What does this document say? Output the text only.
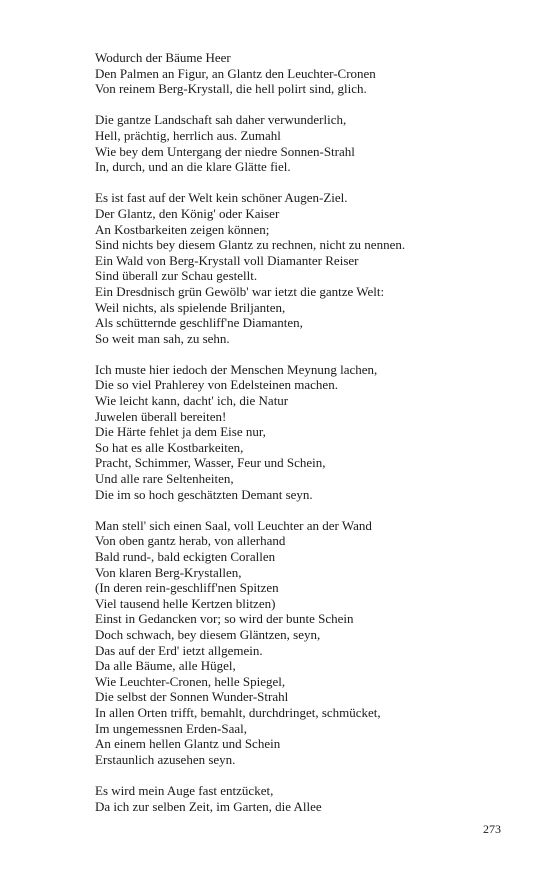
Wodurch der Bäume Heer
Den Palmen an Figur, an Glantz den Leuchter-Cronen
Von reinem Berg-Krystall, die hell polirt sind, glich.
Die gantze Landschaft sah daher verwunderlich,
Hell, prächtig, herrlich aus. Zumahl
Wie bey dem Untergang der niedre Sonnen-Strahl
In, durch, und an die klare Glätte fiel.
Es ist fast auf der Welt kein schöner Augen-Ziel.
Der Glantz, den König' oder Kaiser
An Kostbarkeiten zeigen können;
Sind nichts bey diesem Glantz zu rechnen, nicht zu nennen.
Ein Wald von Berg-Krystall voll Diamanter Reiser
Sind überall zur Schau gestellt.
Ein Dresdnisch grün Gewölb' war ietzt die gantze Welt:
Weil nichts, als spielende Briljanten,
Als schütternde geschliff'ne Diamanten,
So weit man sah, zu sehn.
Ich muste hier iedoch der Menschen Meynung lachen,
Die so viel Prahlerey von Edelsteinen machen.
Wie leicht kann, dacht' ich, die Natur
Juwelen überall bereiten!
Die Härte fehlet ja dem Eise nur,
So hat es alle Kostbarkeiten,
Pracht, Schimmer, Wasser, Feur und Schein,
Und alle rare Seltenheiten,
Die im so hoch geschätzten Demant seyn.
Man stell' sich einen Saal, voll Leuchter an der Wand
Von oben gantz herab, von allerhand
Bald rund-, bald eckigten Corallen
Von klaren Berg-Krystallen,
(In deren rein-geschliff'nen Spitzen
Viel tausend helle Kertzen blitzen)
Einst in Gedancken vor; so wird der bunte Schein
Doch schwach, bey diesem Gläntzen, seyn,
Das auf der Erd' ietzt allgemein.
Da alle Bäume, alle Hügel,
Wie Leuchter-Cronen, helle Spiegel,
Die selbst der Sonnen Wunder-Strahl
In allen Orten trifft, bemahlt, durchdringet, schmücket,
Im ungemessnen Erden-Saal,
An einem hellen Glantz und Schein
Erstaunlich azusehen seyn.
Es wird mein Auge fast entzücket,
Da ich zur selben Zeit, im Garten, die Allee
273
